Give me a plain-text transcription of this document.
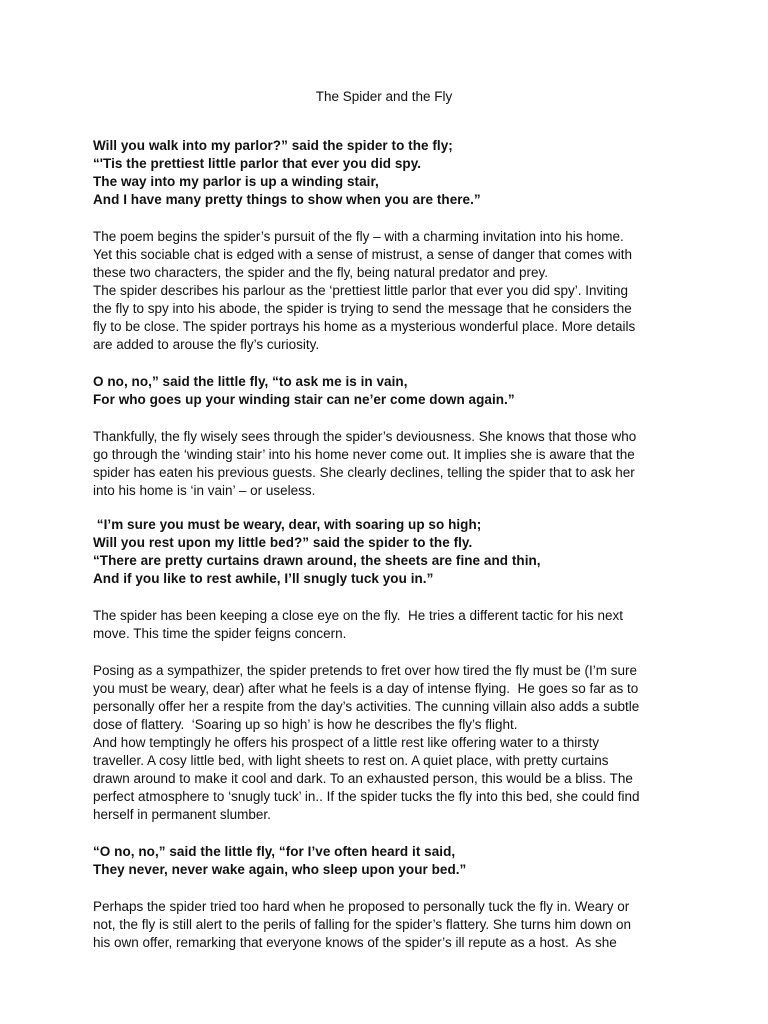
The Spider and the Fly

Will you walk into my parlor?” said the spider to the fly;
“'Tis the prettiest little parlor that ever you did spy.
The way into my parlor is up a winding stair,
And I have many pretty things to show when you are there.”

The poem begins the spider’s pursuit of the fly – with a charming invitation into his home.
Yet this sociable chat is edged with a sense of mistrust, a sense of danger that comes with
these two characters, the spider and the fly, being natural predator and prey.
The spider describes his parlour as the ‘prettiest little parlor that ever you did spy’. Inviting
the fly to spy into his abode, the spider is trying to send the message that he considers the
fly to be close. The spider portrays his home as a mysterious wonderful place. More details
are added to arouse the fly’s curiosity.

O no, no,” said the little fly, “to ask me is in vain,
For who goes up your winding stair can ne’er come down again.”

Thankfully, the fly wisely sees through the spider’s deviousness. She knows that those who
go through the ‘winding stair’ into his home never come out. It implies she is aware that the
spider has eaten his previous guests. She clearly declines, telling the spider that to ask her
into his home is ‘in vain’ – or useless.

“I’m sure you must be weary, dear, with soaring up so high;
Will you rest upon my little bed?” said the spider to the fly.
“There are pretty curtains drawn around, the sheets are fine and thin,
And if you like to rest awhile, I’ll snugly tuck you in.”

The spider has been keeping a close eye on the fly.  He tries a different tactic for his next
move. This time the spider feigns concern.

Posing as a sympathizer, the spider pretends to fret over how tired the fly must be (I’m sure
you must be weary, dear) after what he feels is a day of intense flying.  He goes so far as to
personally offer her a respite from the day’s activities. The cunning villain also adds a subtle
dose of flattery.  ‘Soaring up so high’ is how he describes the fly’s flight.
And how temptingly he offers his prospect of a little rest like offering water to a thirsty
traveller. A cosy little bed, with light sheets to rest on. A quiet place, with pretty curtains
drawn around to make it cool and dark. To an exhausted person, this would be a bliss. The
perfect atmosphere to ‘snugly tuck’ in.. If the spider tucks the fly into this bed, she could find
herself in permanent slumber.

“O no, no,” said the little fly, “for I’ve often heard it said,
They never, never wake again, who sleep upon your bed.”

Perhaps the spider tried too hard when he proposed to personally tuck the fly in. Weary or
not, the fly is still alert to the perils of falling for the spider’s flattery. She turns him down on
his own offer, remarking that everyone knows of the spider’s ill repute as a host.  As she
